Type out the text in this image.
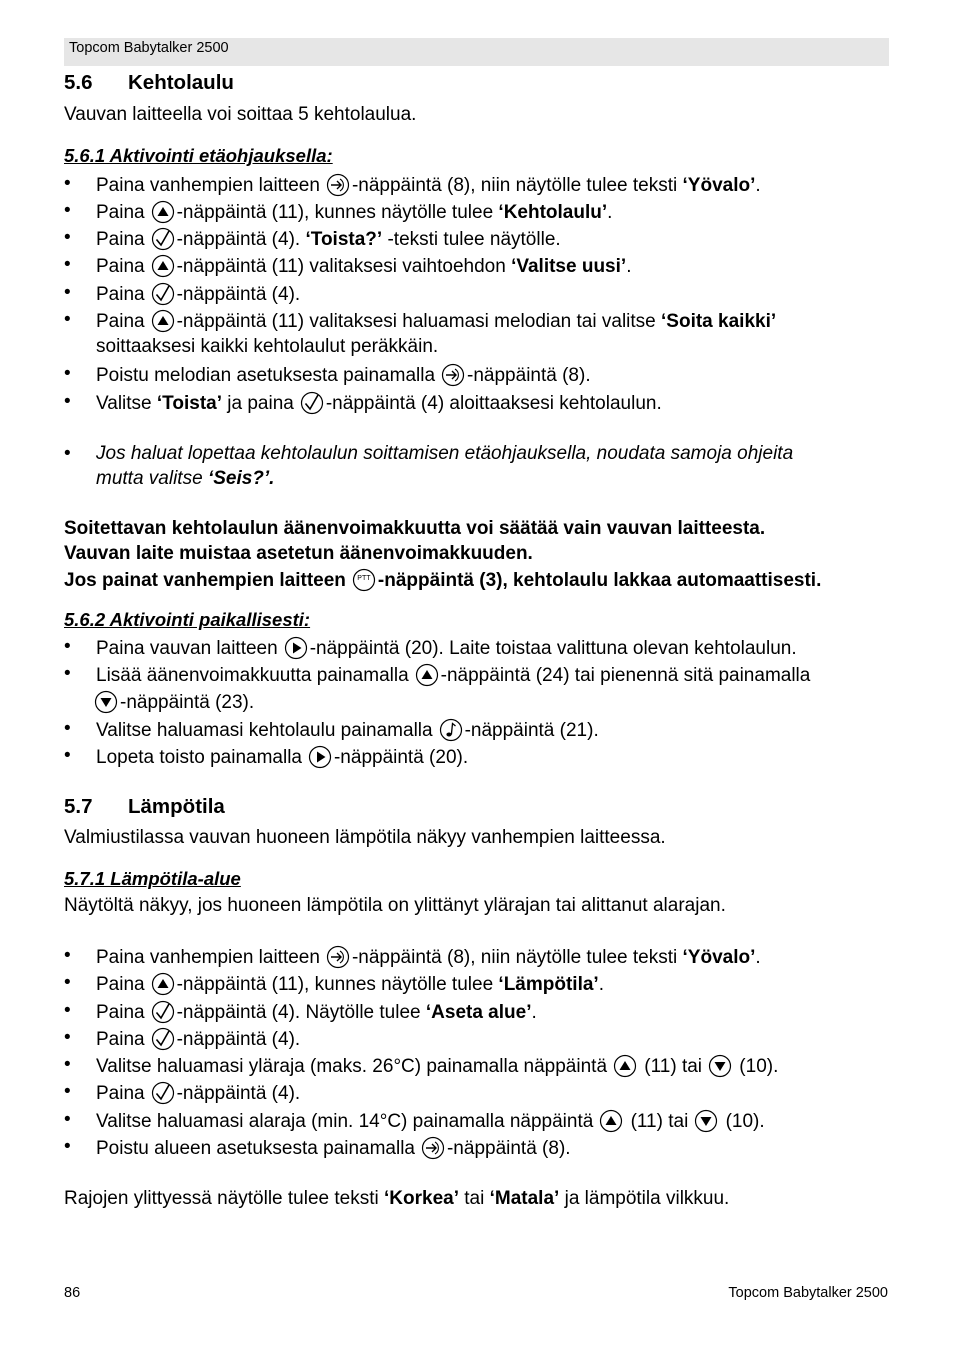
Topcom Babytalker 2500
5.6 Kehtolaulu
Vauvan laitteella voi soittaa 5 kehtolaulua.
5.6.1 Aktivointi etäohjauksella:
• Paina vanhempien laitteen -näppäintä (8), niin näytölle tulee teksti ‘Yövalo’.
• Paina -näppäintä (11), kunnes näytölle tulee ‘Kehtolaulu’.
• Paina -näppäintä (4). ‘Toista?’ -teksti tulee näytölle.
• Paina -näppäintä (11) valitaksesi vaihtoehdon ‘Valitse uusi’.
• Paina -näppäintä (4).
• Paina -näppäintä (11) valitaksesi haluamasi melodian tai valitse ‘Soita kaikki’
soittaaksesi kaikki kehtolaulut peräkkäin.
• Poistu melodian asetuksesta painamalla -näppäintä (8).
• Valitse ‘Toista’ ja paina -näppäintä (4) aloittaaksesi kehtolaulun.
• Jos haluat lopettaa kehtolaulun soittamisen etäohjauksella, noudata samoja ohjeita
mutta valitse ‘Seis?’.
Soitettavan kehtolaulun äänenvoimakkuutta voi säätää vain vauvan laitteesta.
Vauvan laite muistaa asetetun äänenvoimakkuuden.
Jos painat vanhempien laitteen	PTT -näppäintä (3), kehtolaulu lakkaa automaattisesti.
5.6.2 Aktivointi paikallisesti:
• Paina vauvan laitteen -näppäintä (20). Laite toistaa valittuna olevan kehtolaulun.
• Lisää äänenvoimakkuutta painamalla -näppäintä (24) tai pienennä sitä painamalla
-näppäintä (23).
• Valitse haluamasi kehtolaulu painamalla -näppäintä (21).
• Lopeta toisto painamalla -näppäintä (20).
5.7 Lämpötila
Valmiustilassa vauvan huoneen lämpötila näkyy vanhempien laitteessa.
5.7.1 Lämpötila-alue
Näytöltä näkyy, jos huoneen lämpötila on ylittänyt ylärajan tai alittanut alarajan.
• Paina vanhempien laitteen -näppäintä (8), niin näytölle tulee teksti ‘Yövalo’.
• Paina -näppäintä (11), kunnes näytölle tulee ‘Lämpötila’.
• Paina -näppäintä (4). Näytölle tulee ‘Aseta alue’.
• Paina -näppäintä (4).
• Valitse haluamasi yläraja (maks. 26°C) painamalla näppäintä
(11) tai
(10).
• Paina -näppäintä (4).
• Valitse haluamasi alaraja (min. 14°C) painamalla näppäintä
(11) tai
(10).
• Poistu alueen asetuksesta painamalla -näppäintä (8).
Rajojen ylittyessä näytölle tulee teksti ‘Korkea’ tai ‘Matala’ ja lämpötila vilkkuu.
86	Topcom Babytalker 2500
